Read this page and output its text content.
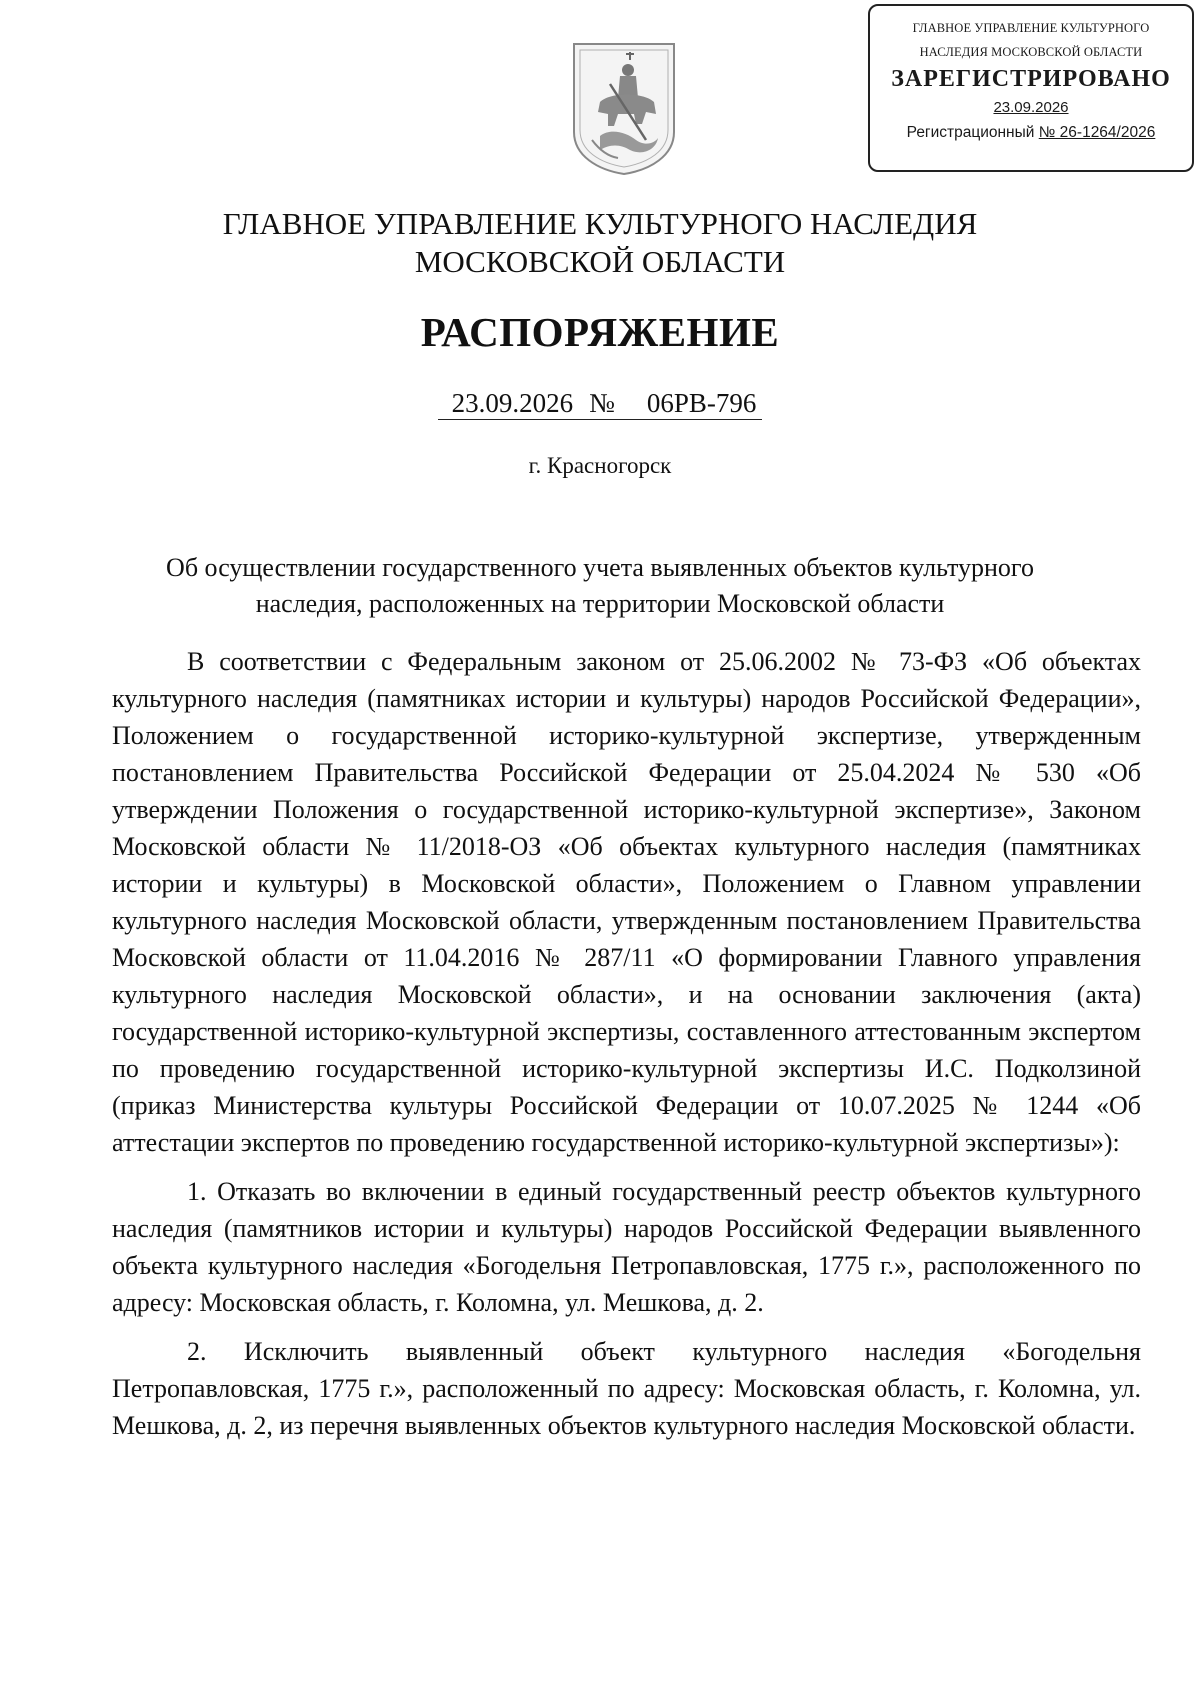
ГЛАВНОЕ УПРАВЛЕНИЕ КУЛЬТУРНОГО
НАСЛЕДИЯ МОСКОВСКОЙ ОБЛАСТИ
ЗАРЕГИСТРИРОВАНО
23.09.2026
Регистрационный № 26-1264/2026
ГЛАВНОЕ УПРАВЛЕНИЕ КУЛЬТУРНОГО НАСЛЕДИЯ
МОСКОВСКОЙ ОБЛАСТИ
РАСПОРЯЖЕНИЕ
23.09.2026 № 06РВ-796
г. Красногорск
Об осуществлении государственного учета выявленных объектов культурного
наследия, расположенных на территории Московской области

В соответствии с Федеральным законом от 25.06.2002 № 73-ФЗ «Об объектах культурного наследия (памятниках истории и культуры) народов Российской Федерации», Положением о государственной историко-культурной экспертизе, утвержденным постановлением Правительства Российской Федерации от 25.04.2024 № 530 «Об утверждении Положения о государственной историко-культурной экспертизе», Законом Московской области № 11/2018-ОЗ «Об объектах культурного наследия (памятниках истории и культуры) в Московской области», Положением о Главном управлении культурного наследия Московской области, утвержденным постановлением Правительства Московской области от 11.04.2016 № 287/11 «О формировании Главного управления культурного наследия Московской области», и на основании заключения (акта) государственной историко-культурной экспертизы, составленного аттестованным экспертом по проведению государственной историко-культурной экспертизы И.С. Подколзиной (приказ Министерства культуры Российской Федерации от 10.07.2025 № 1244 «Об аттестации экспертов по проведению государственной историко-культурной экспертизы»):

1. Отказать во включении в единый государственный реестр объектов культурного наследия (памятников истории и культуры) народов Российской Федерации выявленного объекта культурного наследия «Богодельня Петропавловская, 1775 г.», расположенного по адресу: Московская область, г. Коломна, ул. Мешкова, д. 2.

2. Исключить выявленный объект культурного наследия «Богодельня Петропавловская, 1775 г.», расположенный по адресу: Московская область, г. Коломна, ул. Мешкова, д. 2, из перечня выявленных объектов культурного наследия Московской области.
